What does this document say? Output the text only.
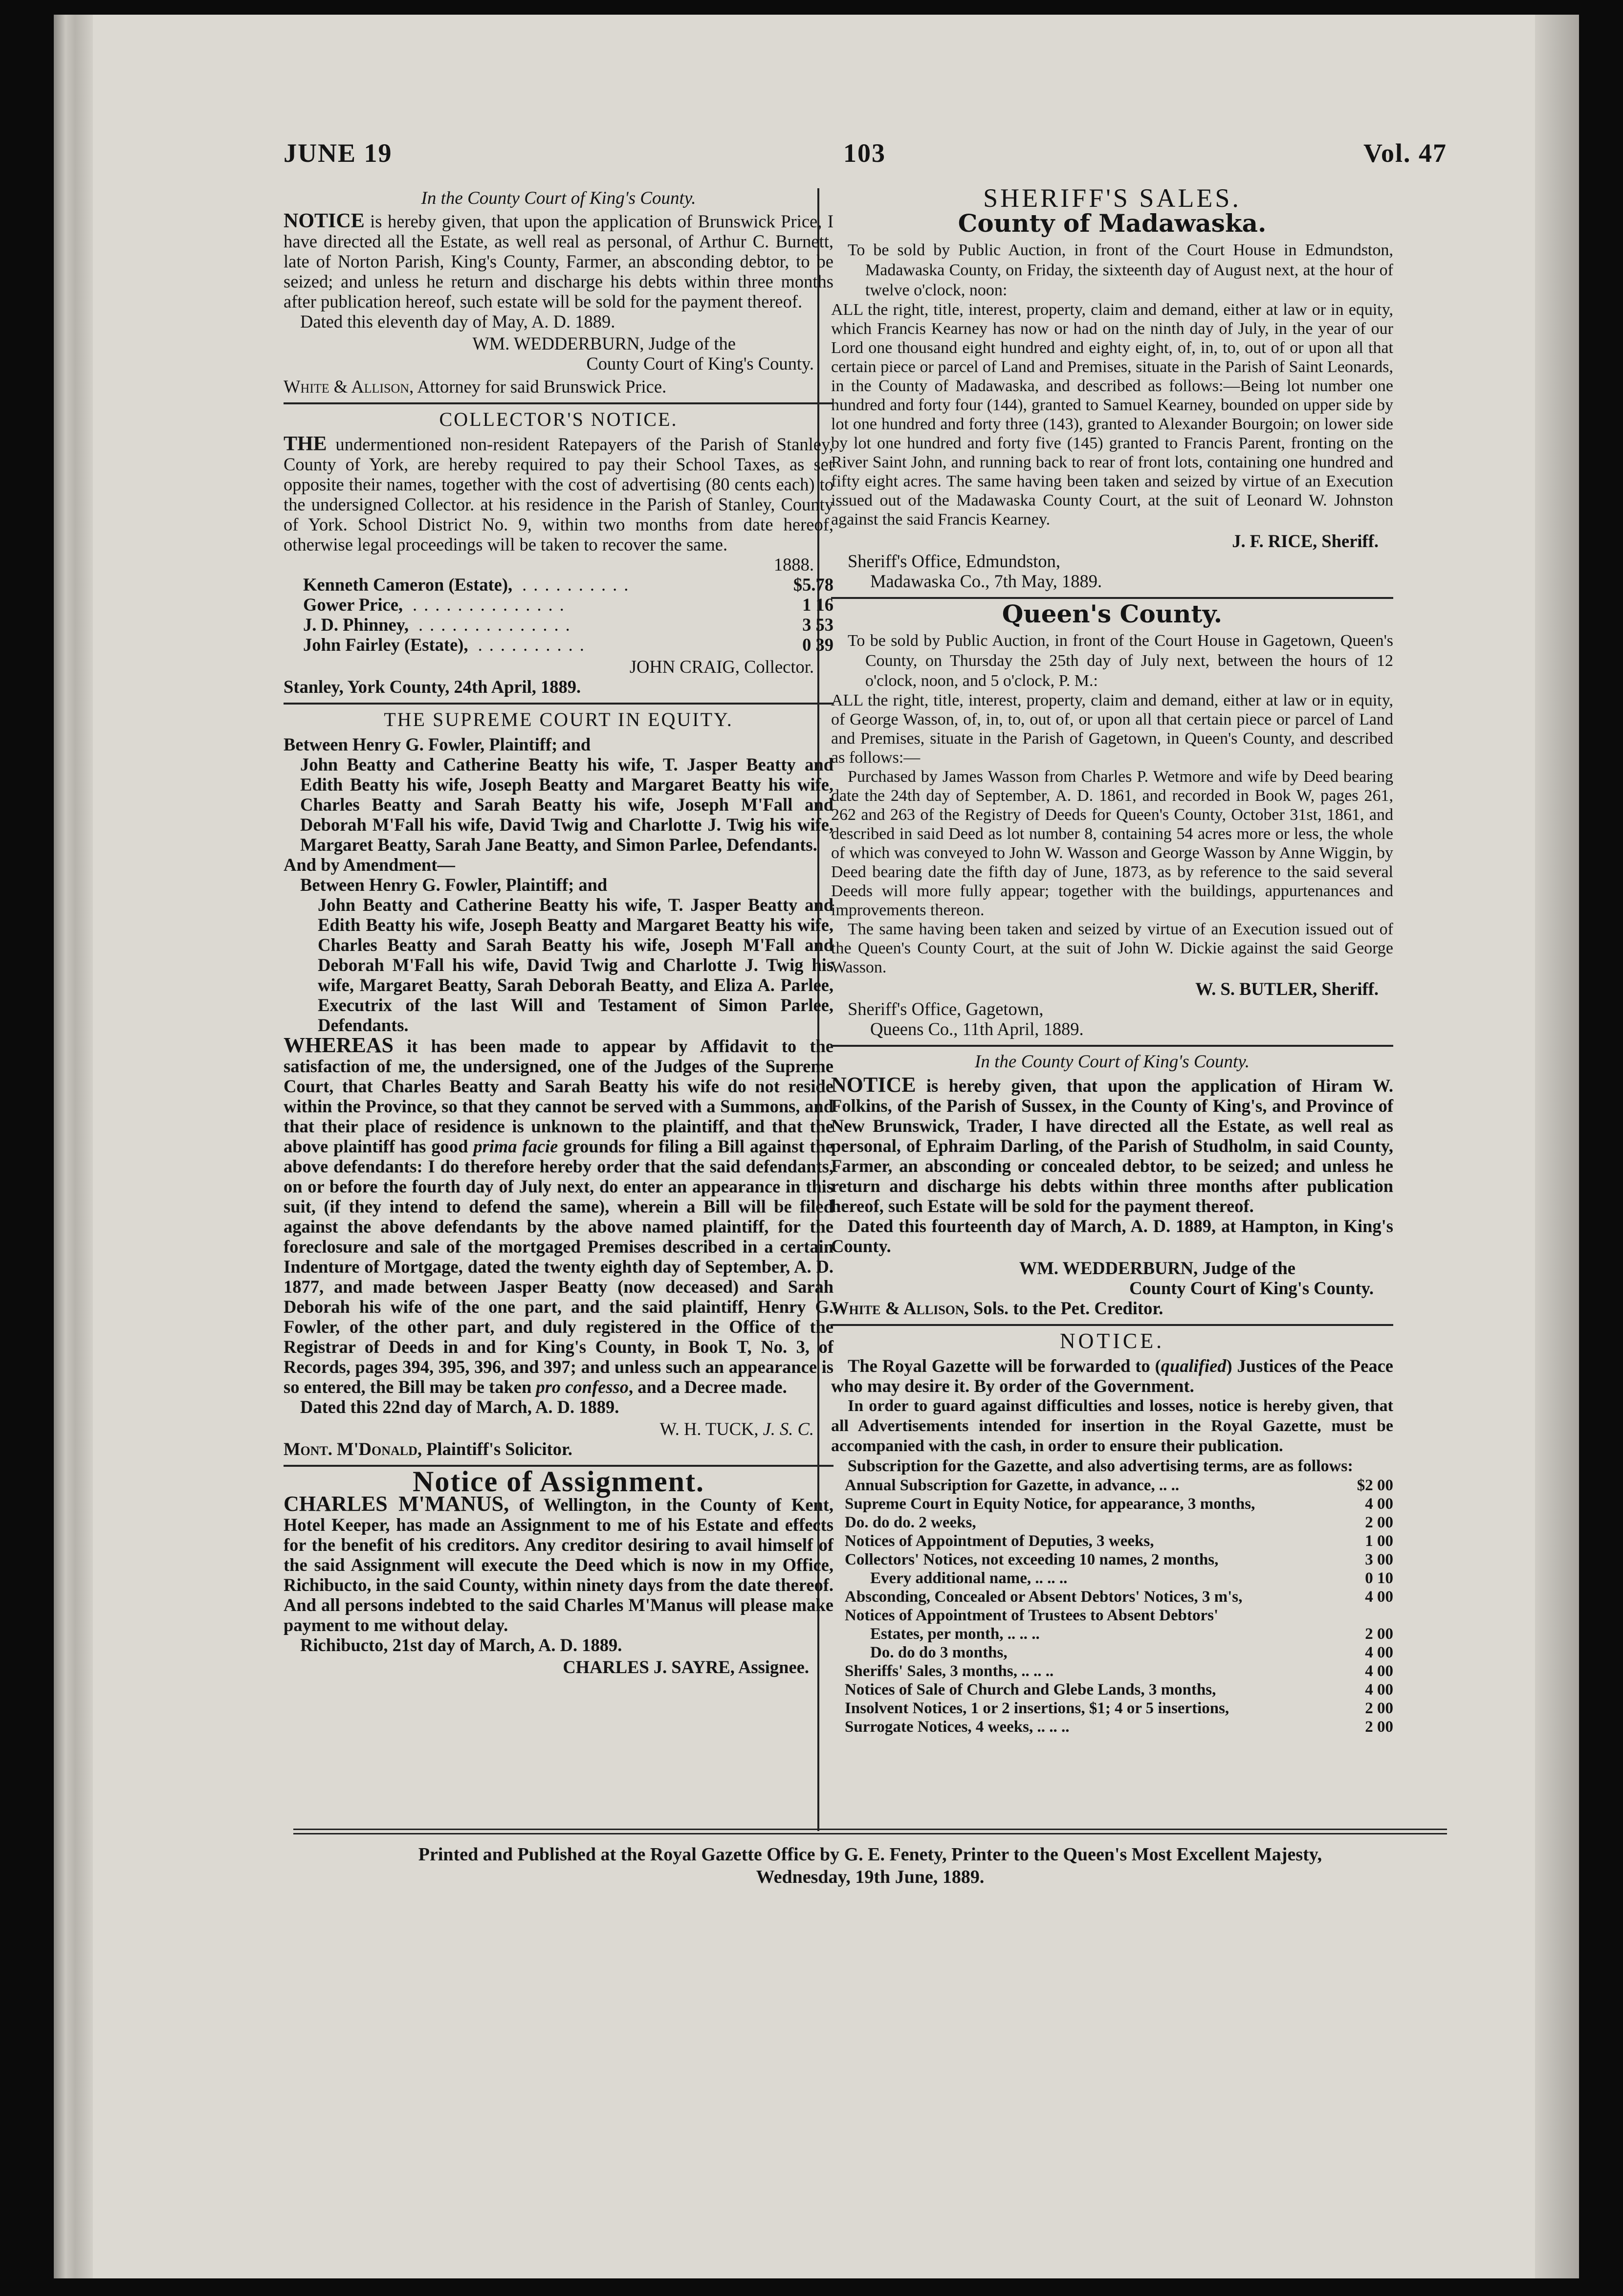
JUNE 19	103	Vol. 47
In the County Court of King's County.

NOTICE is hereby given, that upon the application of Brunswick Price, I have directed all the Estate, as well real as personal, of Arthur C. Burnett, late of Norton Parish, King's County, Farmer, an absconding debtor, to be seized; and unless he return and discharge his debts within three months after publication hereof, such estate will be sold for the payment thereof.

Dated this eleventh day of May, A. D. 1889.

WM. WEDDERBURN, Judge of the
County Court of King's County.

White & Allison, Attorney for said Brunswick Price.

COLLECTOR'S NOTICE.

THE undermentioned non-resident Ratepayers of the Parish of Stanley, County of York, are hereby required to pay their School Taxes, as set opposite their names, together with the cost of advertising (80 cents each) to the undersigned Collector. at his residence in the Parish of Stanley, County of York. School District No. 9, within two months from date hereof, otherwise legal proceedings will be taken to recover the same.

1888.
Kenneth Cameron (Estate), ..........	$5.78
Gower Price, ..............	1 16
J. D. Phinney, ..............	3 53
John Fairley (Estate), ..........	0 39
JOHN CRAIG, Collector.

Stanley, York County, 24th April, 1889.

THE SUPREME COURT IN EQUITY.

Between Henry G. Fowler, Plaintiff; and

John Beatty and Catherine Beatty his wife, T. Jasper Beatty and Edith Beatty his wife, Joseph Beatty and Margaret Beatty his wife, Charles Beatty and Sarah Beatty his wife, Joseph M'Fall and Deborah M'Fall his wife, David Twig and Charlotte J. Twig his wife, Margaret Beatty, Sarah Jane Beatty, and Simon Parlee, Defendants.

And by Amendment—

Between Henry G. Fowler, Plaintiff; and

John Beatty and Catherine Beatty his wife, T. Jasper Beatty and Edith Beatty his wife, Joseph Beatty and Margaret Beatty his wife, Charles Beatty and Sarah Beatty his wife, Joseph M'Fall and Deborah M'Fall his wife, David Twig and Charlotte J. Twig his wife, Margaret Beatty, Sarah Deborah Beatty, and Eliza A. Parlee, Executrix of the last Will and Testament of Simon Parlee, Defendants.

WHEREAS it has been made to appear by Affidavit to the satisfaction of me, the undersigned, one of the Judges of the Supreme Court, that Charles Beatty and Sarah Beatty his wife do not reside within the Province, so that they cannot be served with a Summons, and that their place of residence is unknown to the plaintiff, and that the above plaintiff has good prima facie grounds for filing a Bill against the above defendants: I do therefore hereby order that the said defendants, on or before the fourth day of July next, do enter an appearance in this suit, (if they intend to defend the same), wherein a Bill will be filed against the above defendants by the above named plaintiff, for the foreclosure and sale of the mortgaged Premises described in a certain Indenture of Mortgage, dated the twenty eighth day of September, A. D. 1877, and made between Jasper Beatty (now deceased) and Sarah Deborah his wife of the one part, and the said plaintiff, Henry G. Fowler, of the other part, and duly registered in the Office of the Registrar of Deeds in and for King's County, in Book T, No. 3, of Records, pages 394, 395, 396, and 397; and unless such an appearance is so entered, the Bill may be taken pro confesso, and a Decree made.

Dated this 22nd day of March, A. D. 1889.

W. H. TUCK, J. S. C.

Mont. M'Donald, Plaintiff's Solicitor.

Notice of Assignment.

CHARLES M'MANUS, of Wellington, in the County of Kent, Hotel Keeper, has made an Assignment to me of his Estate and effects for the benefit of his creditors. Any creditor desiring to avail himself of the said Assignment will execute the Deed which is now in my Office, Richibucto, in the said County, within ninety days from the date thereof. And all persons indebted to the said Charles M'Manus will please make payment to me without delay.

Richibucto, 21st day of March, A. D. 1889.

CHARLES J. SAYRE, Assignee.
SHERIFF'S SALES.
County of Madawaska.

To be sold by Public Auction, in front of the Court House in Edmundston, Madawaska County, on Friday, the sixteenth day of August next, at the hour of twelve o'clock, noon:

ALL the right, title, interest, property, claim and demand, either at law or in equity, which Francis Kearney has now or had on the ninth day of July, in the year of our Lord one thousand eight hundred and eighty eight, of, in, to, out of or upon all that certain piece or parcel of Land and Premises, situate in the Parish of Saint Leonards, in the County of Madawaska, and described as follows:—Being lot number one hundred and forty four (144), granted to Samuel Kearney, bounded on upper side by lot one hundred and forty three (143), granted to Alexander Bourgoin; on lower side by lot one hundred and forty five (145) granted to Francis Parent, fronting on the River Saint John, and running back to rear of front lots, containing one hundred and fifty eight acres. The same having been taken and seized by virtue of an Execution issued out of the Madawaska County Court, at the suit of Leonard W. Johnston against the said Francis Kearney.

J. F. RICE, Sheriff.

Sheriff's Office, Edmundston,

Madawaska Co., 7th May, 1889.

Queen's County.

To be sold by Public Auction, in front of the Court House in Gagetown, Queen's County, on Thursday the 25th day of July next, between the hours of 12 o'clock, noon, and 5 o'clock, P. M.:

ALL the right, title, interest, property, claim and demand, either at law or in equity, of George Wasson, of, in, to, out of, or upon all that certain piece or parcel of Land and Premises, situate in the Parish of Gagetown, in Queen's County, and described as follows:—

Purchased by James Wasson from Charles P. Wetmore and wife by Deed bearing date the 24th day of September, A. D. 1861, and recorded in Book W, pages 261, 262 and 263 of the Registry of Deeds for Queen's County, October 31st, 1861, and described in said Deed as lot number 8, containing 54 acres more or less, the whole of which was conveyed to John W. Wasson and George Wasson by Anne Wiggin, by Deed bearing date the fifth day of June, 1873, as by reference to the said several Deeds will more fully appear; together with the buildings, appurtenances and improvements thereon.

The same having been taken and seized by virtue of an Execution issued out of the Queen's County Court, at the suit of John W. Dickie against the said George Wasson.

W. S. BUTLER, Sheriff.

Sheriff's Office, Gagetown,

Queens Co., 11th April, 1889.

In the County Court of King's County.

NOTICE is hereby given, that upon the application of Hiram W. Folkins, of the Parish of Sussex, in the County of King's, and Province of New Brunswick, Trader, I have directed all the Estate, as well real as personal, of Ephraim Darling, of the Parish of Studholm, in said County, Farmer, an absconding or concealed debtor, to be seized; and unless he return and discharge his debts within three months after publication hereof, such Estate will be sold for the payment thereof.

Dated this fourteenth day of March, A. D. 1889, at Hampton, in King's County.

WM. WEDDERBURN, Judge of the
County Court of King's County.

White & Allison, Sols. to the Pet. Creditor.

NOTICE.

The Royal Gazette will be forwarded to (qualified) Justices of the Peace who may desire it. By order of the Government.

In order to guard against difficulties and losses, notice is hereby given, that all Advertisements intended for insertion in the Royal Gazette, must be accompanied with the cash, in order to ensure their publication.

Subscription for the Gazette, and also advertising terms, are as follows:

Annual Subscription for Gazette, in advance, .. ..	$2 00
Supreme Court in Equity Notice, for appearance, 3 months,	4 00
Do. do do. 2 weeks,	2 00
Notices of Appointment of Deputies, 3 weeks,	1 00
Collectors' Notices, not exceeding 10 names, 2 months,	3 00
Every additional name, .. .. ..	0 10
Absconding, Concealed or Absent Debtors' Notices, 3 m's,	4 00
Notices of Appointment of Trustees to Absent Debtors'
Estates, per month, .. .. ..	2 00
Do. do do 3 months,	4 00
Sheriffs' Sales, 3 months, .. .. ..	4 00
Notices of Sale of Church and Glebe Lands, 3 months,	4 00
Insolvent Notices, 1 or 2 insertions, $1; 4 or 5 insertions,	2 00
Surrogate Notices, 4 weeks, .. .. ..	2 00
Printed and Published at the Royal Gazette Office by G. E. Fenety, Printer to the Queen's Most Excellent Majesty,
Wednesday, 19th June, 1889.
